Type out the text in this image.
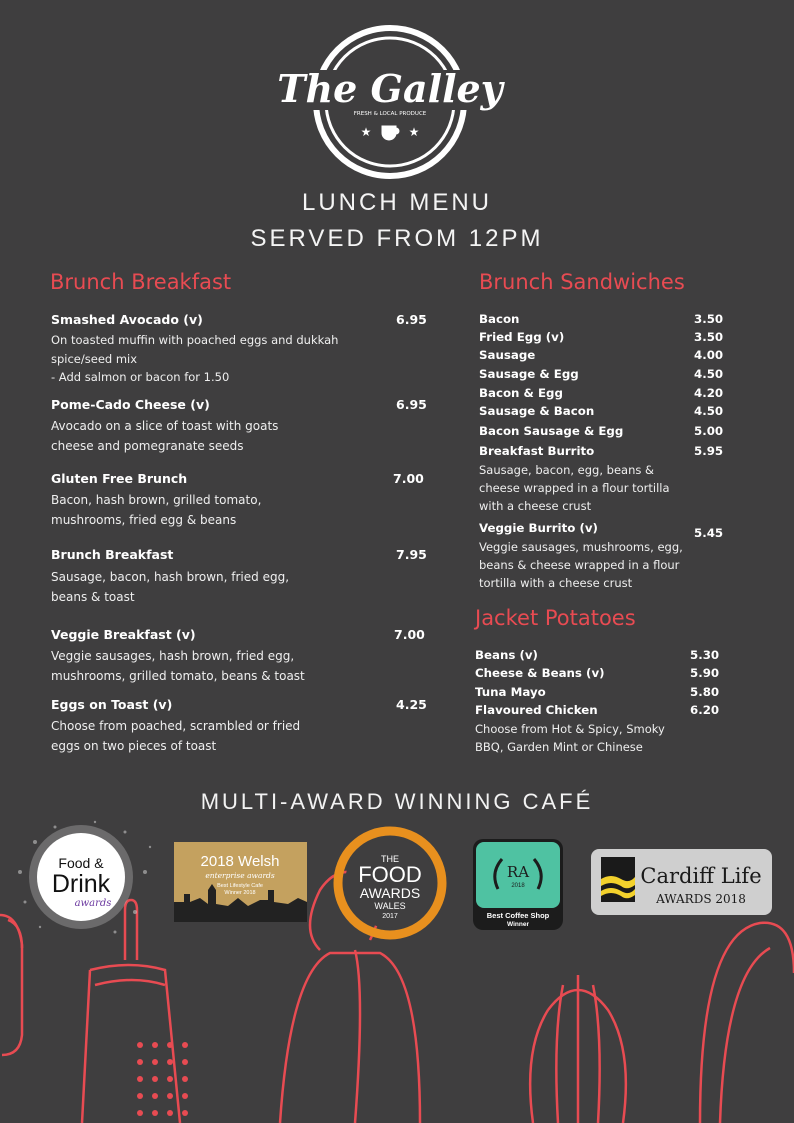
The Galley
FRESH & LOCAL PRODUCE
★	★
LUNCH MENU
SERVED FROM 12PM
Brunch Breakfast
Smashed Avocado (v)	6.95
On toasted muffin with poached eggs and dukkah
spice/seed mix
- Add salmon or bacon for 1.50
Pome-Cado Cheese (v)	6.95
Avocado on a slice of toast with goats
cheese and pomegranate seeds
Gluten Free Brunch	7.00
Bacon, hash brown, grilled tomato,
mushrooms, fried egg & beans
Brunch Breakfast	7.95
Sausage, bacon, hash brown, fried egg,
beans & toast
Veggie Breakfast (v)	7.00
Veggie sausages, hash brown, fried egg,
mushrooms, grilled tomato, beans & toast
Eggs on Toast (v)	4.25
Choose from poached, scrambled or fried
eggs on two pieces of toast
Brunch Sandwiches
Bacon	3.50
Fried Egg (v)	3.50
Sausage	4.00
Sausage & Egg	4.50
Bacon & Egg	4.20
Sausage & Bacon	4.50
Bacon Sausage & Egg	5.00
Breakfast Burrito	5.95
Sausage, bacon, egg, beans &
cheese wrapped in a flour tortilla
with a cheese crust
Veggie Burrito (v)	5.45
Veggie sausages, mushrooms, egg,
beans & cheese wrapped in a flour
tortilla with a cheese crust
Jacket Potatoes
Beans (v)	5.30
Cheese & Beans (v)	5.90
Tuna Mayo	5.80
Flavoured Chicken	6.20
Choose from Hot & Spicy, Smoky
BBQ, Garden Mint or Chinese
MULTI-AWARD WINNING CAFÉ
Food &
Drink
awards
2018 Welsh
enterprise awards
Best Lifestyle Cafe
Winner 2018
THE
FOOD
AWARDS
WALES
2017
RA
2018
Best Coffee Shop
Winner
Cardiff Life
AWARDS 2018
